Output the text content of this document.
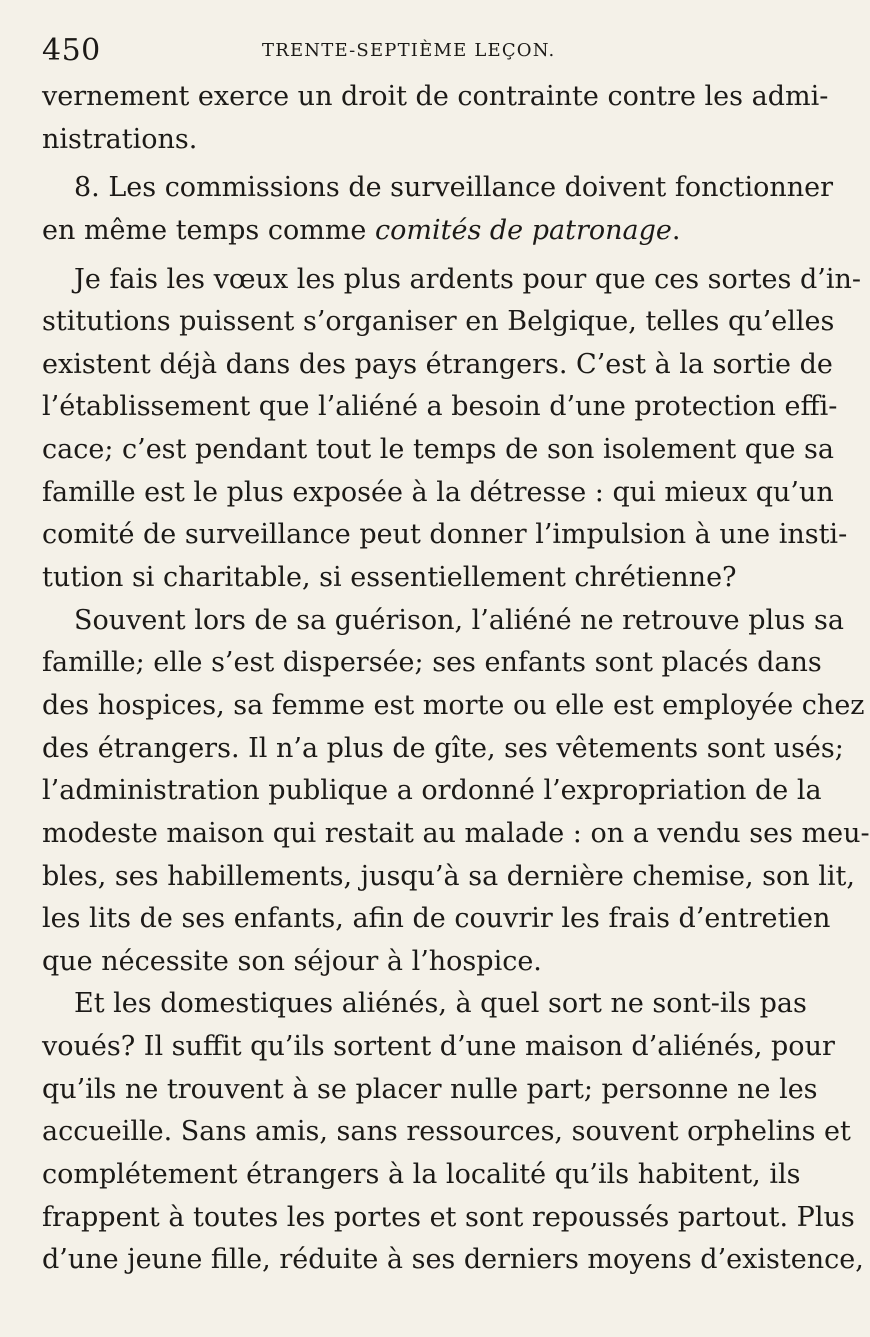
450	TRENTE-SEPTIÈME LEÇON.
vernement exerce un droit de contrainte contre les admi-
nistrations.
8. Les commissions de surveillance doivent fonctionner
en même temps comme comités de patronage.
Je fais les vœux les plus ardents pour que ces sortes d’in-
stitutions puissent s’organiser en Belgique, telles qu’elles
existent déjà dans des pays étrangers. C’est à la sortie de
l’établissement que l’aliéné a besoin d’une protection effi-
cace; c’est pendant tout le temps de son isolement que sa
famille est le plus exposée à la détresse : qui mieux qu’un
comité de surveillance peut donner l’impulsion à une insti-
tution si charitable, si essentiellement chrétienne?
Souvent lors de sa guérison, l’aliéné ne retrouve plus sa
famille; elle s’est dispersée; ses enfants sont placés dans
des hospices, sa femme est morte ou elle est employée chez
des étrangers. Il n’a plus de gîte, ses vêtements sont usés;
l’administration publique a ordonné l’expropriation de la
modeste maison qui restait au malade : on a vendu ses meu-
bles, ses habillements, jusqu’à sa dernière chemise, son lit,
les lits de ses enfants, afin de couvrir les frais d’entretien
que nécessite son séjour à l’hospice.
Et les domestiques aliénés, à quel sort ne sont-ils pas
voués? Il suffit qu’ils sortent d’une maison d’aliénés, pour
qu’ils ne trouvent à se placer nulle part; personne ne les
accueille. Sans amis, sans ressources, souvent orphelins et
complétement étrangers à la localité qu’ils habitent, ils
frappent à toutes les portes et sont repoussés partout. Plus
d’une jeune fille, réduite à ses derniers moyens d’existence,
